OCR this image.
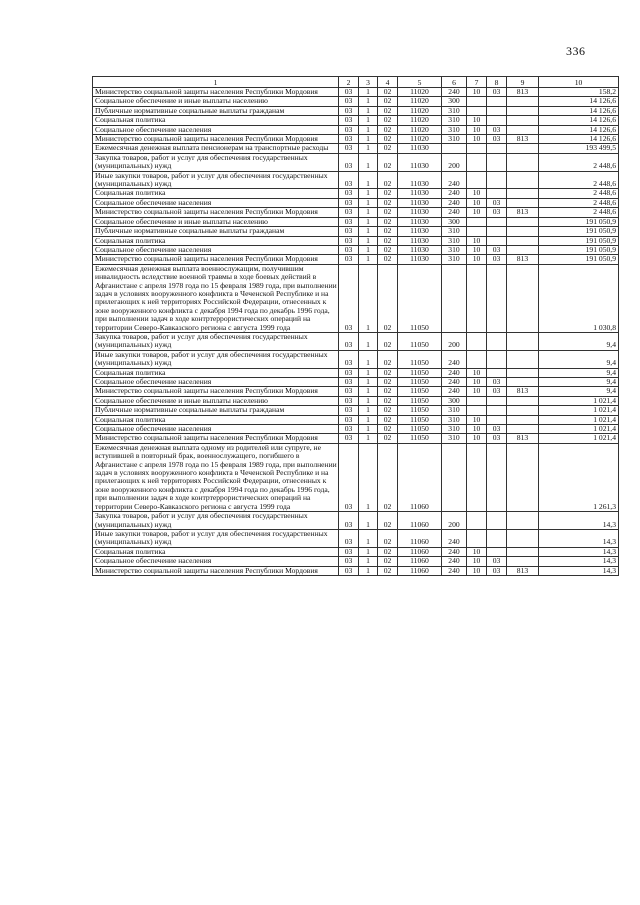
336
1	2	3	4	5	6	7	8	9	10
Министерство социальной защиты населения Республики Мордовия	03	1	02	11020	240	10	03	813	158,2
Социальное обеспечение и иные выплаты населению	03	1	02	11020	300				14 126,6
Публичные нормативные социальные выплаты гражданам	03	1	02	11020	310				14 126,6
Социальная политика	03	1	02	11020	310	10			14 126,6
Социальное обеспечение населения	03	1	02	11020	310	10	03		14 126,6
Министерство социальной защиты населения Республики Мордовия	03	1	02	11020	310	10	03	813	14 126,6
Ежемесячная денежная выплата пенсионерам на транспортные расходы	03	1	02	11030					193 499,5
Закупка товаров, работ и услуг для обеспечения государственных (муниципальных) нужд	03	1	02	11030	200				2 448,6
Иные закупки товаров, работ и услуг для обеспечения государственных (муниципальных) нужд	03	1	02	11030	240				2 448,6
Социальная политика	03	1	02	11030	240	10			2 448,6
Социальное обеспечение населения	03	1	02	11030	240	10	03		2 448,6
Министерство социальной защиты населения Республики Мордовия	03	1	02	11030	240	10	03	813	2 448,6
Социальное обеспечение и иные выплаты населению	03	1	02	11030	300				191 050,9
Публичные нормативные социальные выплаты гражданам	03	1	02	11030	310				191 050,9
Социальная политика	03	1	02	11030	310	10			191 050,9
Социальное обеспечение населения	03	1	02	11030	310	10	03		191 050,9
Министерство социальной защиты населения Республики Мордовия	03	1	02	11030	310	10	03	813	191 050,9
Ежемесячная денежная выплата военнослужащим, получившим инвалидность вследствие военной травмы в ходе боевых действий в Афганистане с апреля 1978 года по 15 февраля 1989 года, при выполнении задач в условиях вооруженного конфликта в Чеченской Республике и на прилегающих к ней территориях Российской Федерации, отнесенных к зоне вооруженного конфликта с декабря 1994 года по декабрь 1996 года, при выполнении задач в ходе контртеррористических операций на территории Северо-Кавказского региона с августа 1999 года	03	1	02	11050					1 030,8
Закупка товаров, работ и услуг для обеспечения государственных (муниципальных) нужд	03	1	02	11050	200				9,4
Иные закупки товаров, работ и услуг для обеспечения государственных (муниципальных) нужд	03	1	02	11050	240				9,4
Социальная политика	03	1	02	11050	240	10			9,4
Социальное обеспечение населения	03	1	02	11050	240	10	03		9,4
Министерство социальной защиты населения Республики Мордовия	03	1	02	11050	240	10	03	813	9,4
Социальное обеспечение и иные выплаты населению	03	1	02	11050	300				1 021,4
Публичные нормативные социальные выплаты гражданам	03	1	02	11050	310				1 021,4
Социальная политика	03	1	02	11050	310	10			1 021,4
Социальное обеспечение населения	03	1	02	11050	310	10	03		1 021,4
Министерство социальной защиты населения Республики Мордовия	03	1	02	11050	310	10	03	813	1 021,4
Ежемесячная денежная выплата одному из родителей или супруге, не вступившей в повторный брак, военнослужащего, погибшего в Афганистане с апреля 1978 года по 15 февраля 1989 года, при выполнении задач в условиях вооруженного конфликта в Чеченской Республике и на прилегающих к ней территориях Российской Федерации, отнесенных к зоне вооруженного конфликта с декабря 1994 года по декабрь 1996 года, при выполнении задач в ходе контртеррористических операций на территории Северо-Кавказского региона с августа 1999 года	03	1	02	11060					1 261,3
Закупка товаров, работ и услуг для обеспечения государственных (муниципальных) нужд	03	1	02	11060	200				14,3
Иные закупки товаров, работ и услуг для обеспечения государственных (муниципальных) нужд	03	1	02	11060	240				14,3
Социальная политика	03	1	02	11060	240	10			14,3
Социальное обеспечение населения	03	1	02	11060	240	10	03		14,3
Министерство социальной защиты населения Республики Мордовия	03	1	02	11060	240	10	03	813	14,3
